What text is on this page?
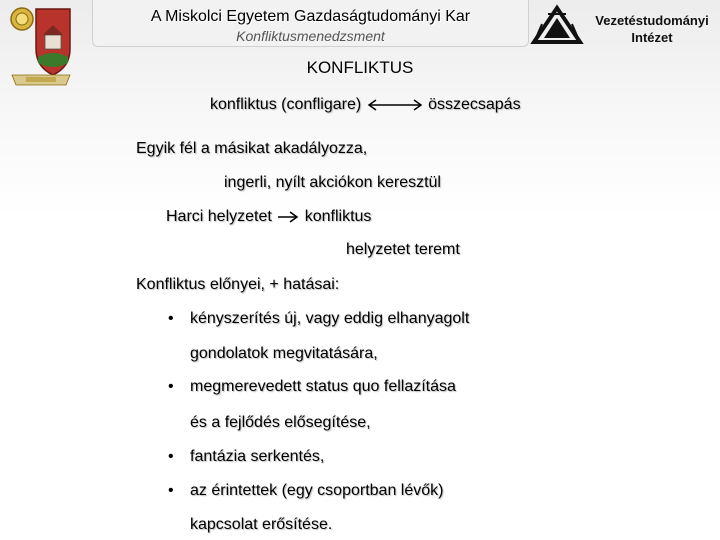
A Miskolci Egyetem Gazdaságtudományi Kar
Konfliktusmenedzsment
Vezetéstudományi
Intézet
KONFLIKTUS
konfliktus (confligare)	összecsapás
Egyik fél a másikat akadályozza,
ingerli, nyílt akciókon keresztül
Harci helyzetet konfliktus
helyzetet teremt
Konfliktus előnyei, + hatásai:
• kényszerítés új, vagy eddig elhanyagolt
gondolatok megvitatására,
• megmerevedett status quo fellazítása
és a fejlődés elősegítése,
• fantázia serkentés,
• az érintettek (egy csoportban lévők)
kapcsolat erősítése.
